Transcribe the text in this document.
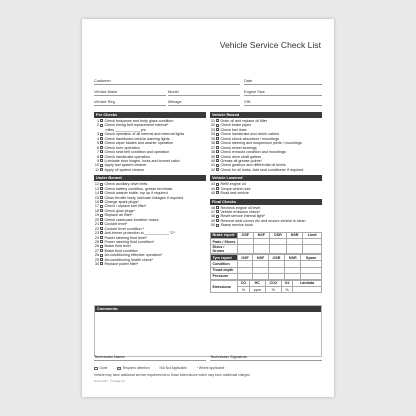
Vehicle Service Check List
Customer	Date
Vehicle Make	Model	Engine Size
Vehicle Reg	Mileage	VIN
Pre Checks
1 Check bodywork and body glass condition
2 Check timing belt replacement interval*
miles ____________ yrs
3 Check operation of all internal and external lights
4 Check dashboard vehicle warning lights
5 Check wiper blades and washer operation
6 Check horn operation
7 Check seat belt condition and operation
8 Check handbrake operation
9 Lubricate door hinges, locks and bonnet catch
10 Apply fuel system cleaner
11 Apply oil system cleaner
Under Bonnet
12 Check auxiliary drive belts
13 Check battery condition, grease terminals
14 Check washer bottle, top up if required
15 Clean throttle body, lubricate linkages if required
16 Change spark plugs*
17 Check / replace fuel filter*
18 Check glow plugs*
19 Replace air filter*
20 Check crankcase breather hoses
21 Coolant level*
22 Coolant level condition:*
23 Anti-freeze protection to ____________°C*
24 Power steering fluid level*
25 Power steering fluid condition*
26 Brake fluid level
27 Brake fluid condition
28 Air-conditioning effective operation*
29 Air-conditioning health check*
30 Replace pollen filter*
Vehicle Raised
31 Drain oil and replace oil filter
32 Check brake pipes
33 Check fuel lines
34 Check handbrake and clutch cables
35 Check shock absorbers / mountings
36 Check steering and suspension joints / mountings
37 Check wheel bearings
38 Check exhaust condition and mountings
39 Check drive shaft gaiters
40 Grease all grease points*
41 Check gearbox and differential oil levels
42 Check for oil leaks. Add seal conditioner if required
Vehicle Lowered
43 Refill engine oil
44 Torque wheel nuts
45 Road test vehicle
Final Checks
46 Recheck engine oil level
47 Vehicle emission check*
48 Reset service interval light*
49 Remove seat covers etc and ensure vehicle is clean
50 Stamp service book
Brake report	OSF	NSF	OSR	NSR	Limit
Pads / Shoes					
Discs / Drums					
Tyre report	OSF	NSF	OSR	NSR	Spare
Condition					
Tread depth					
Pressure					
Emissions	CO	HC	CO2	O2	Lambda
	%	ppm	%	%	
Comments:
Technician Name	Technician Signature
Done	Requires attention	N/A Not Applicable	* Where applicable
Vehicle may have additional service requirements to those listed above which may incur additional charges
Service 2017 · © Garage Ltd
